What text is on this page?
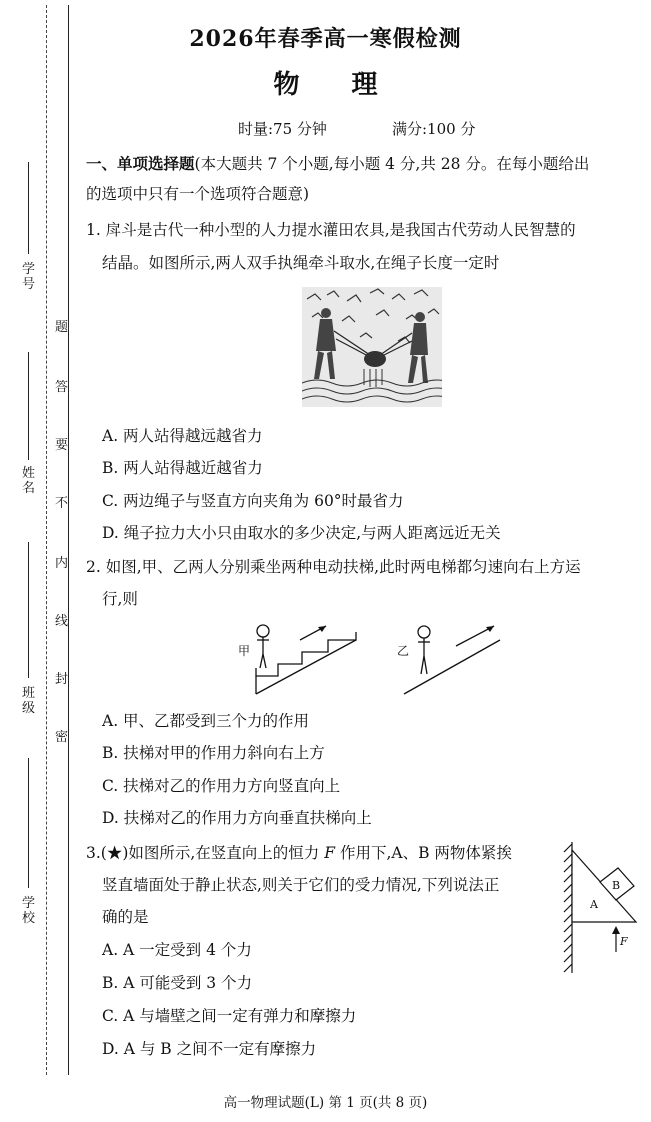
学号
姓名
班级
学校
题
答
要
不
内
线
封
密
2026年春季高一寒假检测
物理
时量:75 分钟	满分:100 分
一、单项选择题(本大题共 7 个小题,每小题 4 分,共 28 分。在每小题给出
的选项中只有一个选项符合题意)
1. 戽斗是古代一种小型的人力提水灌田农具,是我国古代劳动人民智慧的
结晶。如图所示,两人双手执绳牵斗取水,在绳子长度一定时
A. 两人站得越远越省力
B. 两人站得越近越省力
C. 两边绳子与竖直方向夹角为 60°时最省力
D. 绳子拉力大小只由取水的多少决定,与两人距离远近无关
2. 如图,甲、乙两人分别乘坐两种电动扶梯,此时两电梯都匀速向右上方运
行,则
甲	乙
A. 甲、乙都受到三个力的作用
B. 扶梯对甲的作用力斜向右上方
C. 扶梯对乙的作用力方向竖直向上
D. 扶梯对乙的作用力方向垂直扶梯向上
3.(★)如图所示,在竖直向上的恒力 F 作用下,A、B 两物体紧挨
竖直墙面处于静止状态,则关于它们的受力情况,下列说法正
确的是
A
B
F
A. A 一定受到 4 个力
B. A 可能受到 3 个力
C. A 与墙壁之间一定有弹力和摩擦力
D. A 与 B 之间不一定有摩擦力
高一物理试题(L) 第 1 页(共 8 页)
